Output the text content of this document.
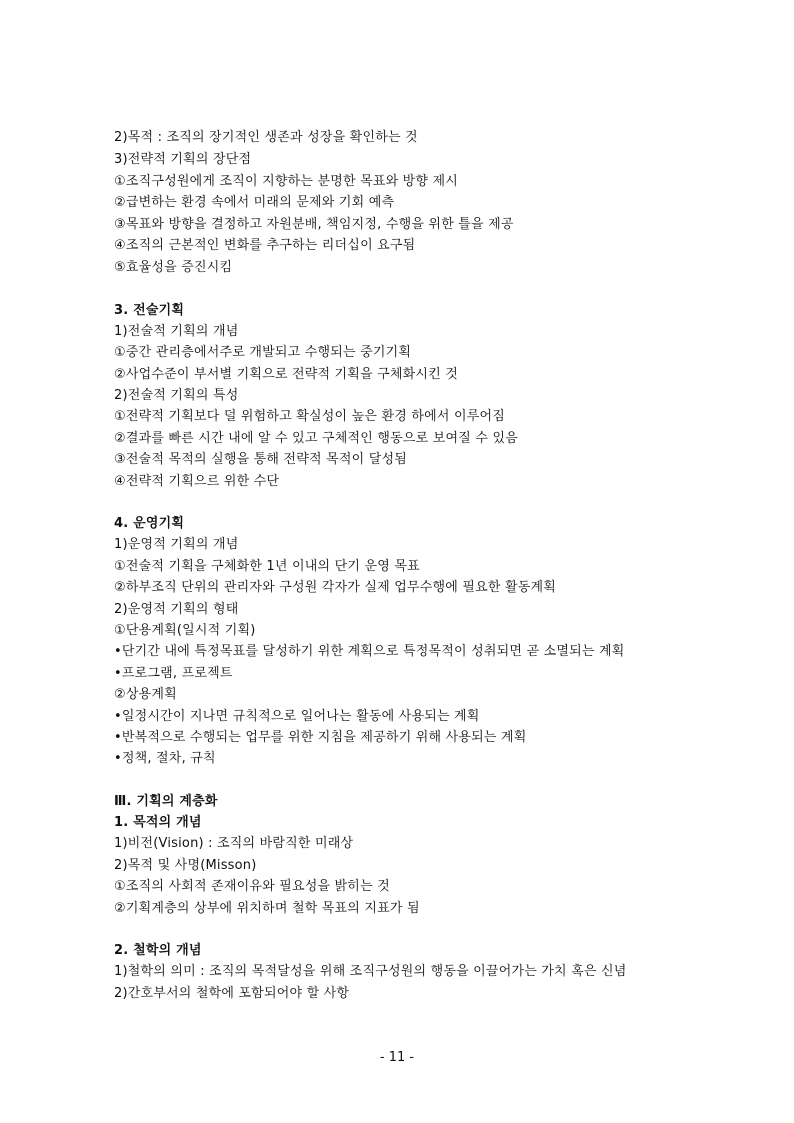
2)목적 : 조직의 장기적인 생존과 성장을 확인하는 것
3)전략적 기획의 장단점
①조직구성원에게 조직이 지향하는 분명한 목표와 방향 제시
②급변하는 환경 속에서 미래의 문제와 기회 예측
③목표와 방향을 결정하고 자원분배, 책임지정, 수행을 위한 틀을 제공
④조직의 근본적인 변화를 추구하는 리더십이 요구됨
⑤효율성을 증진시킴
3. 전술기획
1)전술적 기획의 개념
①중간 관리층에서주로 개발되고 수행되는 중기기획
②사업수준이 부서별 기획으로 전략적 기획을 구체화시킨 것
2)전술적 기획의 특성
①전략적 기획보다 덜 위험하고 확실성이 높은 환경 하에서 이루어짐
②결과를 빠른 시간 내에 알 수 있고 구체적인 행동으로 보여질 수 있음
③전술적 목적의 실행을 통해 전략적 목적이 달성됨
④전략적 기획으르 위한 수단
4. 운영기획
1)운영적 기획의 개념
①전술적 기획을 구체화한 1년 이내의 단기 운영 목표
②하부조직 단위의 관리자와 구성원 각자가 실제 업무수행에 필요한 활동계획
2)운영적 기획의 형태
①단용계획(일시적 기획)
•단기간 내에 특정목표를 달성하기 위한 계획으로 특정목적이 성취되면 곧 소멸되는 계획
•프로그램, 프로젝트
②상용계획
•일정시간이 지나면 규칙적으로 일어나는 활동에 사용되는 계획
•반복적으로 수행되는 업무를 위한 지침을 제공하기 위해 사용되는 계획
•정책, 절차, 규칙
Ⅲ. 기획의 계층화
1. 목적의 개념
1)비전(Vision) : 조직의 바람직한 미래상
2)목적 및 사명(Misson)
①조직의 사회적 존재이유와 필요성을 밝히는 것
②기획계층의 상부에 위치하며 철학 목표의 지표가 됨
2. 철학의 개념
1)철학의 의미 : 조직의 목적달성을 위해 조직구성원의 행동을 이끌어가는 가치 혹은 신념
2)간호부서의 철학에 포함되어야 할 사항
- 11 -
